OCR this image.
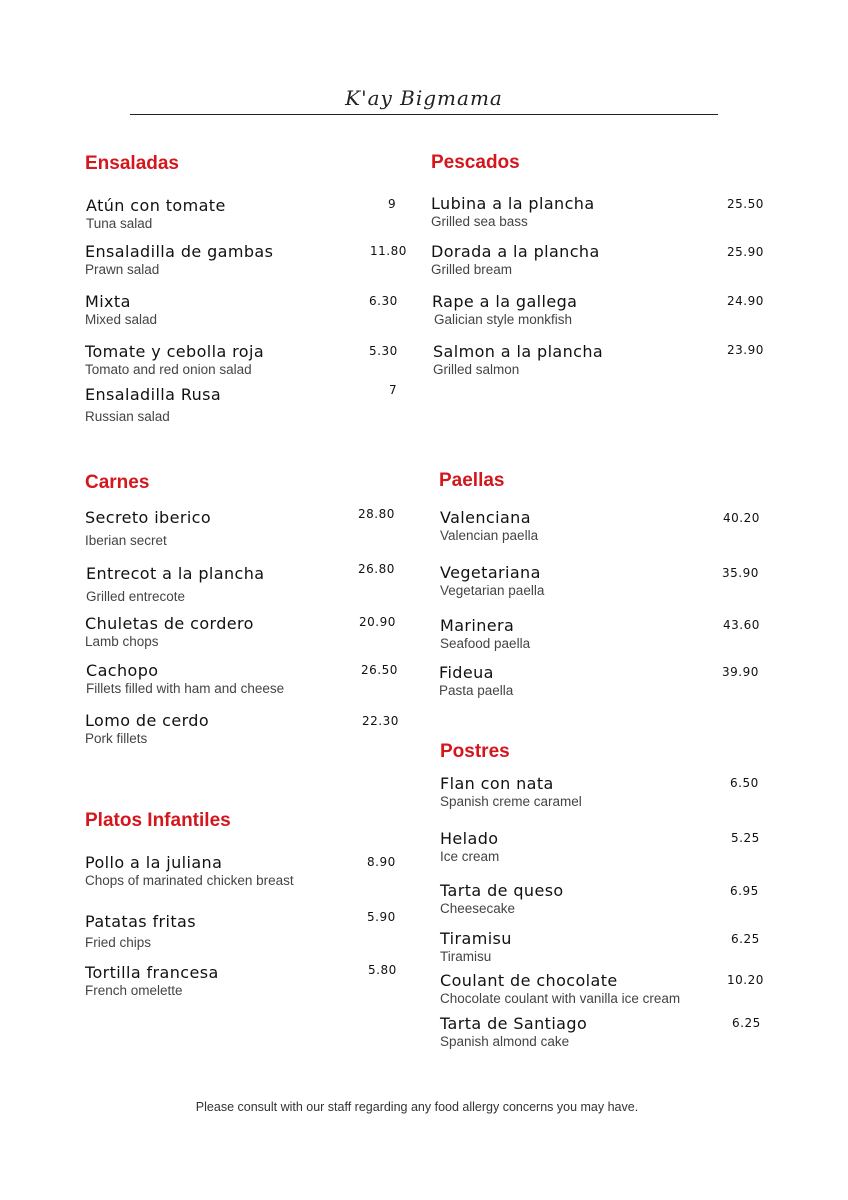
K'ay Bigmama
Ensaladas
Atún con tomate
Tuna salad
9
Ensaladilla de gambas
Prawn salad
11.80
Mixta
Mixed salad
6.30
Tomate y cebolla roja
Tomato and red onion salad
5.30
Ensaladilla Rusa
Russian salad
7
Pescados
Lubina a la plancha
Grilled sea bass
25.50
Dorada a la plancha
Grilled bream
25.90
Rape a la gallega
Galician style monkfish
24.90
Salmon a la plancha
Grilled salmon
23.90
Carnes
Secreto iberico
Iberian secret
28.80
Entrecot a la plancha
Grilled entrecote
26.80
Chuletas de cordero
Lamb chops
20.90
Cachopo
Fillets filled with ham and cheese
26.50
Lomo de cerdo
Pork fillets
22.30
Paellas
Valenciana
Valencian paella
40.20
Vegetariana
Vegetarian paella
35.90
Marinera
Seafood paella
43.60
Fideua
Pasta paella
39.90
Platos Infantiles
Pollo a la juliana
Chops of marinated chicken breast
8.90
Patatas fritas
Fried chips
5.90
Tortilla francesa
French omelette
5.80
Postres
Flan con nata
Spanish creme caramel
6.50
Helado
Ice cream
5.25
Tarta de queso
Cheesecake
6.95
Tiramisu
Tiramisu
6.25
Coulant de chocolate
Chocolate coulant with vanilla ice cream
10.20
Tarta de Santiago
Spanish almond cake
6.25
Please consult with our staff regarding any food allergy concerns you may have.
